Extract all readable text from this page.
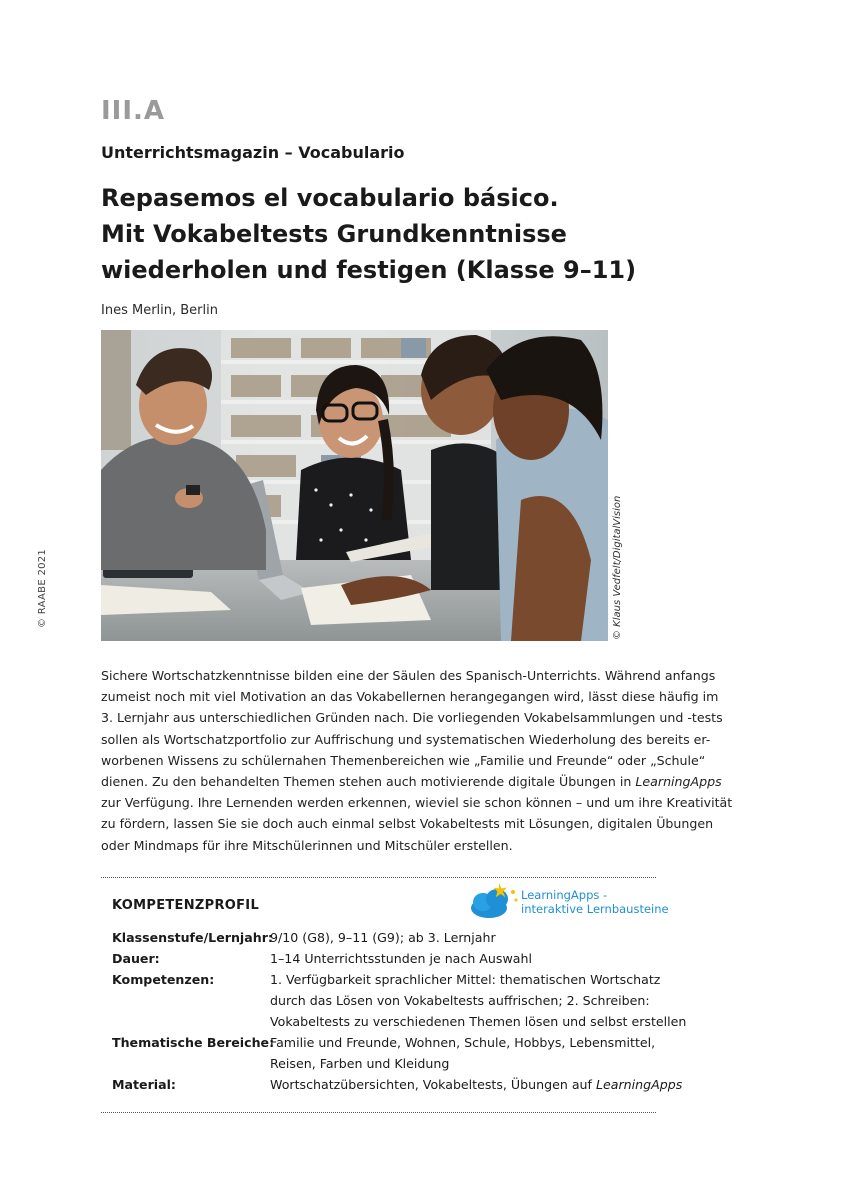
III.A
Unterrichtsmagazin – Vocabulario
Repasemos el vocabulario básico.
Mit Vokabeltests Grundkenntnisse
wiederholen und festigen (Klasse 9–11)
Ines Merlin, Berlin
© Klaus Vedfelt/DigitalVision
© RAABE 2021
Sichere Wortschatzkenntnisse bilden eine der Säulen des Spanisch-Unterrichts. Während anfangs
zumeist noch mit viel Motivation an das Vokabellernen herangegangen wird, lässt diese häufig im
3. Lernjahr aus unterschiedlichen Gründen nach. Die vorliegenden Vokabelsammlungen und -tests
sollen als Wortschatzportfolio zur Auffrischung und systematischen Wiederholung des bereits er-
worbenen Wissens zu schülernahen Themenbereichen wie „Familie und Freunde“ oder „Schule“
dienen. Zu den behandelten Themen stehen auch motivierende digitale Übungen in LearningApps
zur Verfügung. Ihre Lernenden werden erkennen, wieviel sie schon können – und um ihre Kreativität
zu fördern, lassen Sie sie doch auch einmal selbst Vokabeltests mit Lösungen, digitalen Übungen
oder Mindmaps für ihre Mitschülerinnen und Mitschüler erstellen.
KOMPETENZPROFIL
LearningApps -
interaktive Lernbausteine
Klassenstufe/Lernjahr:
9/10 (G8), 9–11 (G9); ab 3. Lernjahr
Dauer:	1–14 Unterrichtsstunden je nach Auswahl
Kompetenzen:	1. Verfügbarkeit sprachlicher Mittel: thematischen Wortschatz
durch das Lösen von Vokabeltests auffrischen; 2. Schreiben:
Vokabeltests zu verschiedenen Themen lösen und selbst erstellen
Thematische Bereiche:
Familie und Freunde, Wohnen, Schule, Hobbys, Lebensmittel,
Reisen, Farben und Kleidung
Material:	Wortschatzübersichten, Vokabeltests, Übungen auf LearningApps
